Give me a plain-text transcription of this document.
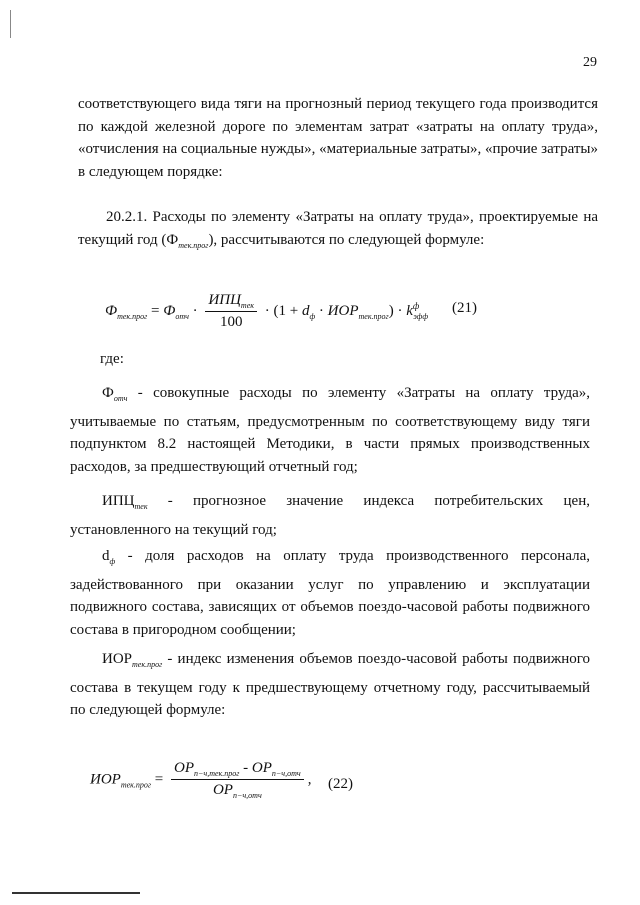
29

соответствующего вида тяги на прогнозный период текущего года производится по каждой железной дороге по элементам затрат «затраты на оплату труда», «отчисления на социальные нужды», «материальные затраты», «прочие затраты» в следующем порядке:

20.2.1. Расходы по элементу «Затраты на оплату труда», проектируемые на текущий год $(Ф_{тек.прог})$, рассчитываются по следующей формуле:

$Ф_{тек.прог} = Ф_{отч} \cdot \frac{ИПЦ_{тек}}{100} \cdot (1 + d_ф \cdot ИОР_{тек.прог}) \cdot k^ф_{эфф}$
(21)

где:

$Ф_{отч}$ - совокупные расходы по элементу «Затраты на оплату труда», учитываемые по статьям, предусмотренным по соответствующему виду тяги подпунктом 8.2 настоящей Методики, в части прямых производственных расходов, за предшествующий отчетный год;

$ИПЦ_{тек}$ - прогнозное значение индекса потребительских цен, установленного на текущий год;

$d_ф$ - доля расходов на оплату труда производственного персонала, задействованного при оказании услуг по управлению и эксплуатации подвижного состава, зависящих от объемов поездо-часовой работы подвижного состава в пригородном сообщении;

$ИОР_{тек.прог}$ - индекс изменения объемов поездо-часовой работы подвижного состава в текущем году к предшествующему отчетному году, рассчитываемый по следующей формуле:

$ИОР_{тек.прог} = \frac{ОР_{п-ч,тек.прог} - ОР_{п-ч,отч}}{ОР_{п-ч,отч}}$ , (22)
